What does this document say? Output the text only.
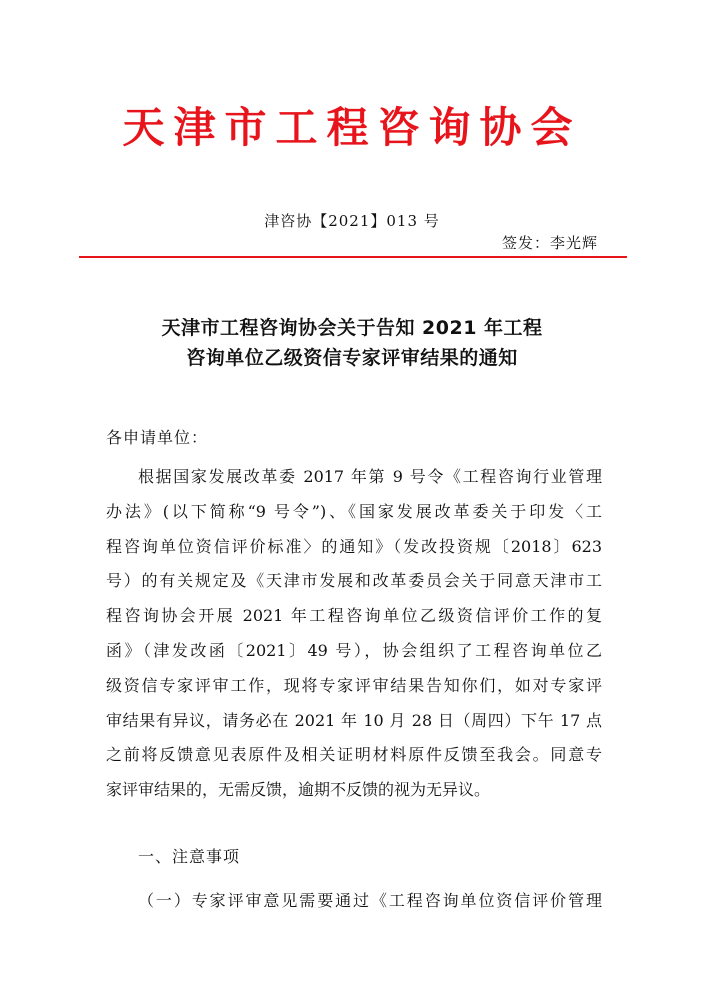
天津市工程咨询协会
津咨协【2021】013 号
签发：李光辉
天津市工程咨询协会关于告知 2021 年工程
咨询单位乙级资信专家评审结果的通知
各申请单位：
根据国家发展改革委 2017 年第 9 号令《工程咨询行业管理
办法》(以下简称“9 号令”)、《国家发展改革委关于印发〈工
程咨询单位资信评价标准〉的通知》（发改投资规〔2018〕623
号）的有关规定及《天津市发展和改革委员会关于同意天津市工
程咨询协会开展 2021 年工程咨询单位乙级资信评价工作的复
函》（津发改函〔2021〕49 号），协会组织了工程咨询单位乙
级资信专家评审工作，现将专家评审结果告知你们，如对专家评
审结果有异议，请务必在 2021 年 10 月 28 日（周四）下午 17 点
之前将反馈意见表原件及相关证明材料原件反馈至我会。同意专
家评审结果的，无需反馈，逾期不反馈的视为无异议。
一、注意事项
（一）专家评审意见需要通过《工程咨询单位资信评价管理
